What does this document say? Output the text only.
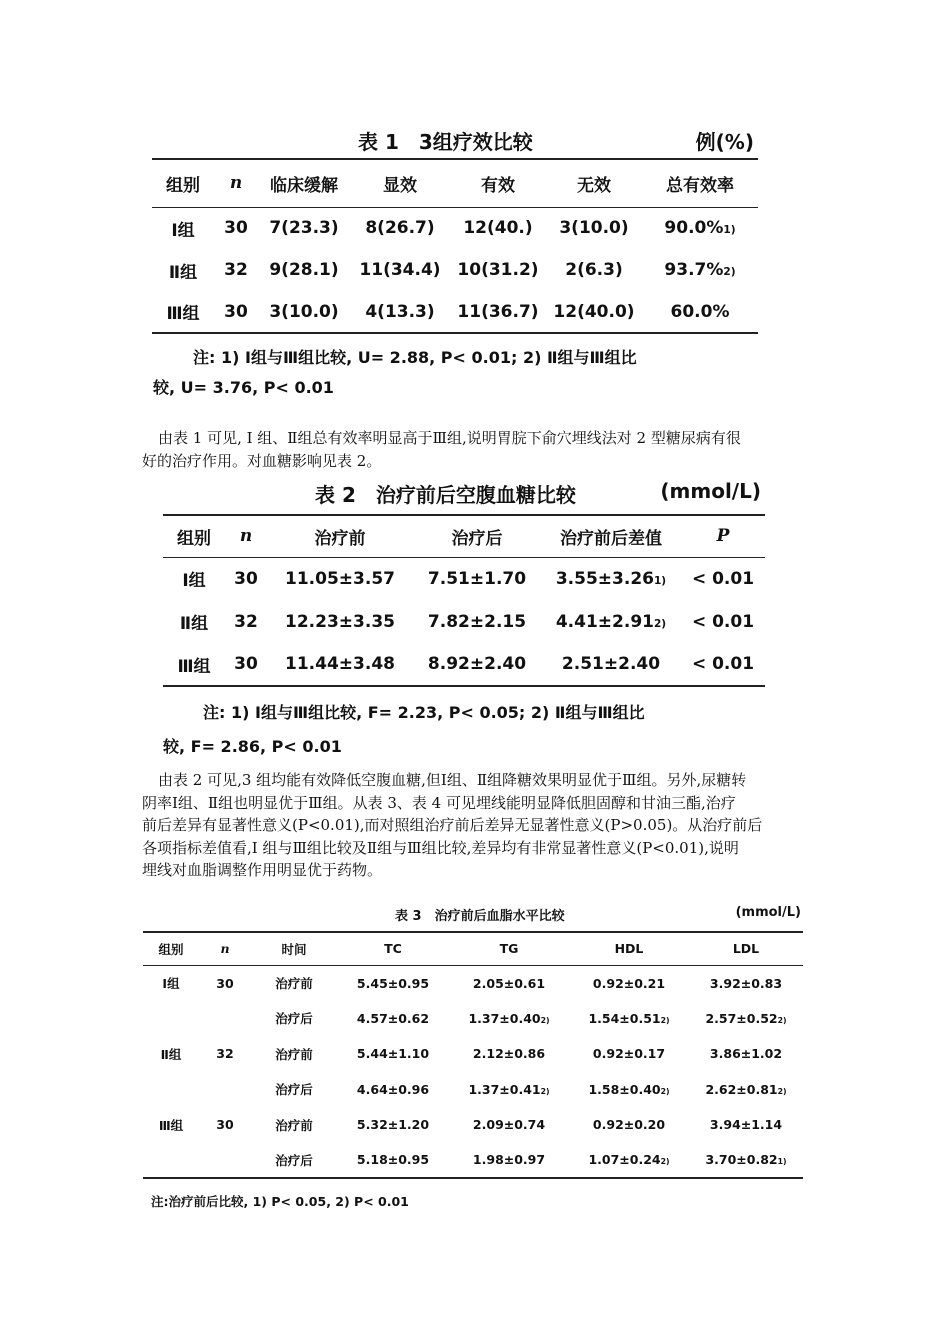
表 1　3组疗效比较	例(%)
组别	n	临床缓解	显效	有效	无效	总有效率
Ⅰ组	30	7(23.3)	8(26.7)	12(40.)	3(10.0)	90.0%$^{1)}$
Ⅱ组	32	9(28.1)	11(34.4)	10(31.2)	2(6.3)	93.7%$^{2)}$
Ⅲ组	30	3(10.0)	4(13.3)	11(36.7)	12(40.0)	60.0%

注: 1) Ⅰ组与Ⅲ组比较, U= 2.88, P< 0.01; 2) Ⅱ组与Ⅲ组比

较, U= 3.76, P< 0.01

由表 1 可见, Ⅰ 组、Ⅱ组总有效率明显高于Ⅲ组,说明胃脘下俞穴埋线法对 2 型糖尿病有很

好的治疗作用。对血糖影响见表 2。

表 2　治疗前后空腹血糖比较	(mmol/L)
组别	n	治疗前	治疗后	治疗前后差值	P
Ⅰ组	30	11.05±3.57	7.51±1.70	$3.55\pm 3.26^{1)}$	< 0.01
Ⅱ组	32	12.23±3.35	7.82±2.15	$4.41\pm 2.91^{2)}$	< 0.01
Ⅲ组	30	11.44±3.48	8.92±2.40	2.51±2.40	< 0.01

注: 1) Ⅰ组与Ⅲ组比较, F= 2.23, P< 0.05; 2) Ⅱ组与Ⅲ组比

较, F= 2.86, P< 0.01

由表 2 可见,3 组均能有效降低空腹血糖,但Ⅰ组、Ⅱ组降糖效果明显优于Ⅲ组。另外,尿糖转

阴率Ⅰ组、Ⅱ组也明显优于Ⅲ组。从表 3、表 4 可见埋线能明显降低胆固醇和甘油三酯,治疗

前后差异有显著性意义(P<0.01),而对照组治疗前后差异无显著性意义(P>0.05)。从治疗前后

各项指标差值看,Ⅰ 组与Ⅲ组比较及Ⅱ组与Ⅲ组比较,差异均有非常显著性意义(P<0.01),说明

埋线对血脂调整作用明显优于药物。

表 3　治疗前后血脂水平比较	(mmol/L)
组别	n	时间	TC	TG	HDL	LDL
Ⅰ组	30	治疗前	5.45±0.95	2.05±0.61	0.92±0.21	3.92±0.83
		治疗后	4.57±0.62	$1.37\pm 0.40^{2)}$	$1.54\pm 0.51^{2)}$	$2.57\pm 0.52^{2)}$
Ⅱ组	32	治疗前	5.44±1.10	2.12±0.86	0.92±0.17	3.86±1.02
		治疗后	4.64±0.96	$1.37\pm 0.41^{2)}$	$1.58\pm 0.40^{2)}$	$2.62\pm 0.81^{2)}$
Ⅲ组	30	治疗前	5.32±1.20	2.09±0.74	0.92±0.20	3.94±1.14
		治疗后	5.18±0.95	1.98±0.97	$1.07\pm 0.24^{2)}$	$3.70\pm 0.82^{1)}$

注:治疗前后比较, 1) P< 0.05, 2) P< 0.01
